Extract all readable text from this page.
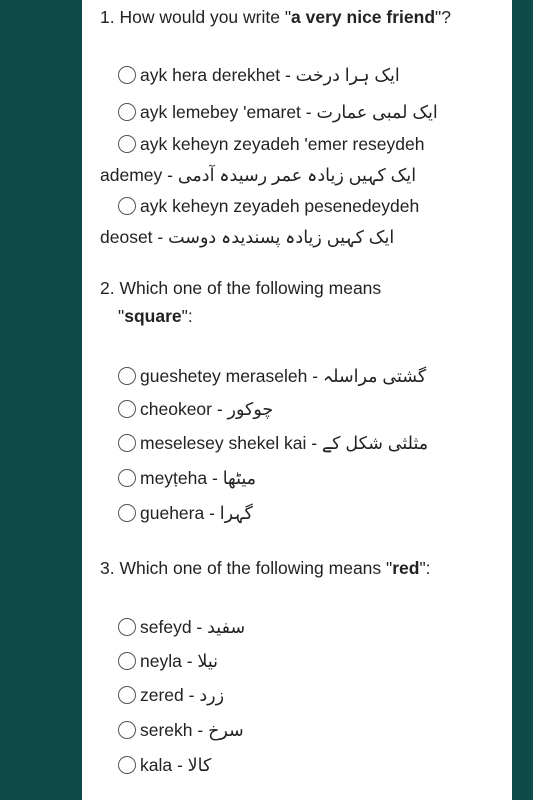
1. How would you write "a very nice friend"?
ayk hera derekhet - ایک ہرا درخت
ayk lemebey 'emaret - ایک لمبی عمارت
ayk keheyn zeyadeh 'emer reseydeh
ademey - ایک کہیں زیادہ عمر رسیدہ آدمی
ayk keheyn zeyadeh pesenedeydeh
deoset - ایک کہیں زیادہ پسندیدہ دوست
2. Which one of the following means
"square":
gueshetey meraseleh - گشتی مراسلہ
cheokeor - چوکور
meselesey shekel kai - مثلثی شکل کے
meyṭeha - میٹھا
guehera - گہرا
3. Which one of the following means "red":
sefeyd - سفید
neyla - نیلا
zered - زرد
serekh - سرخ
kala - کالا
